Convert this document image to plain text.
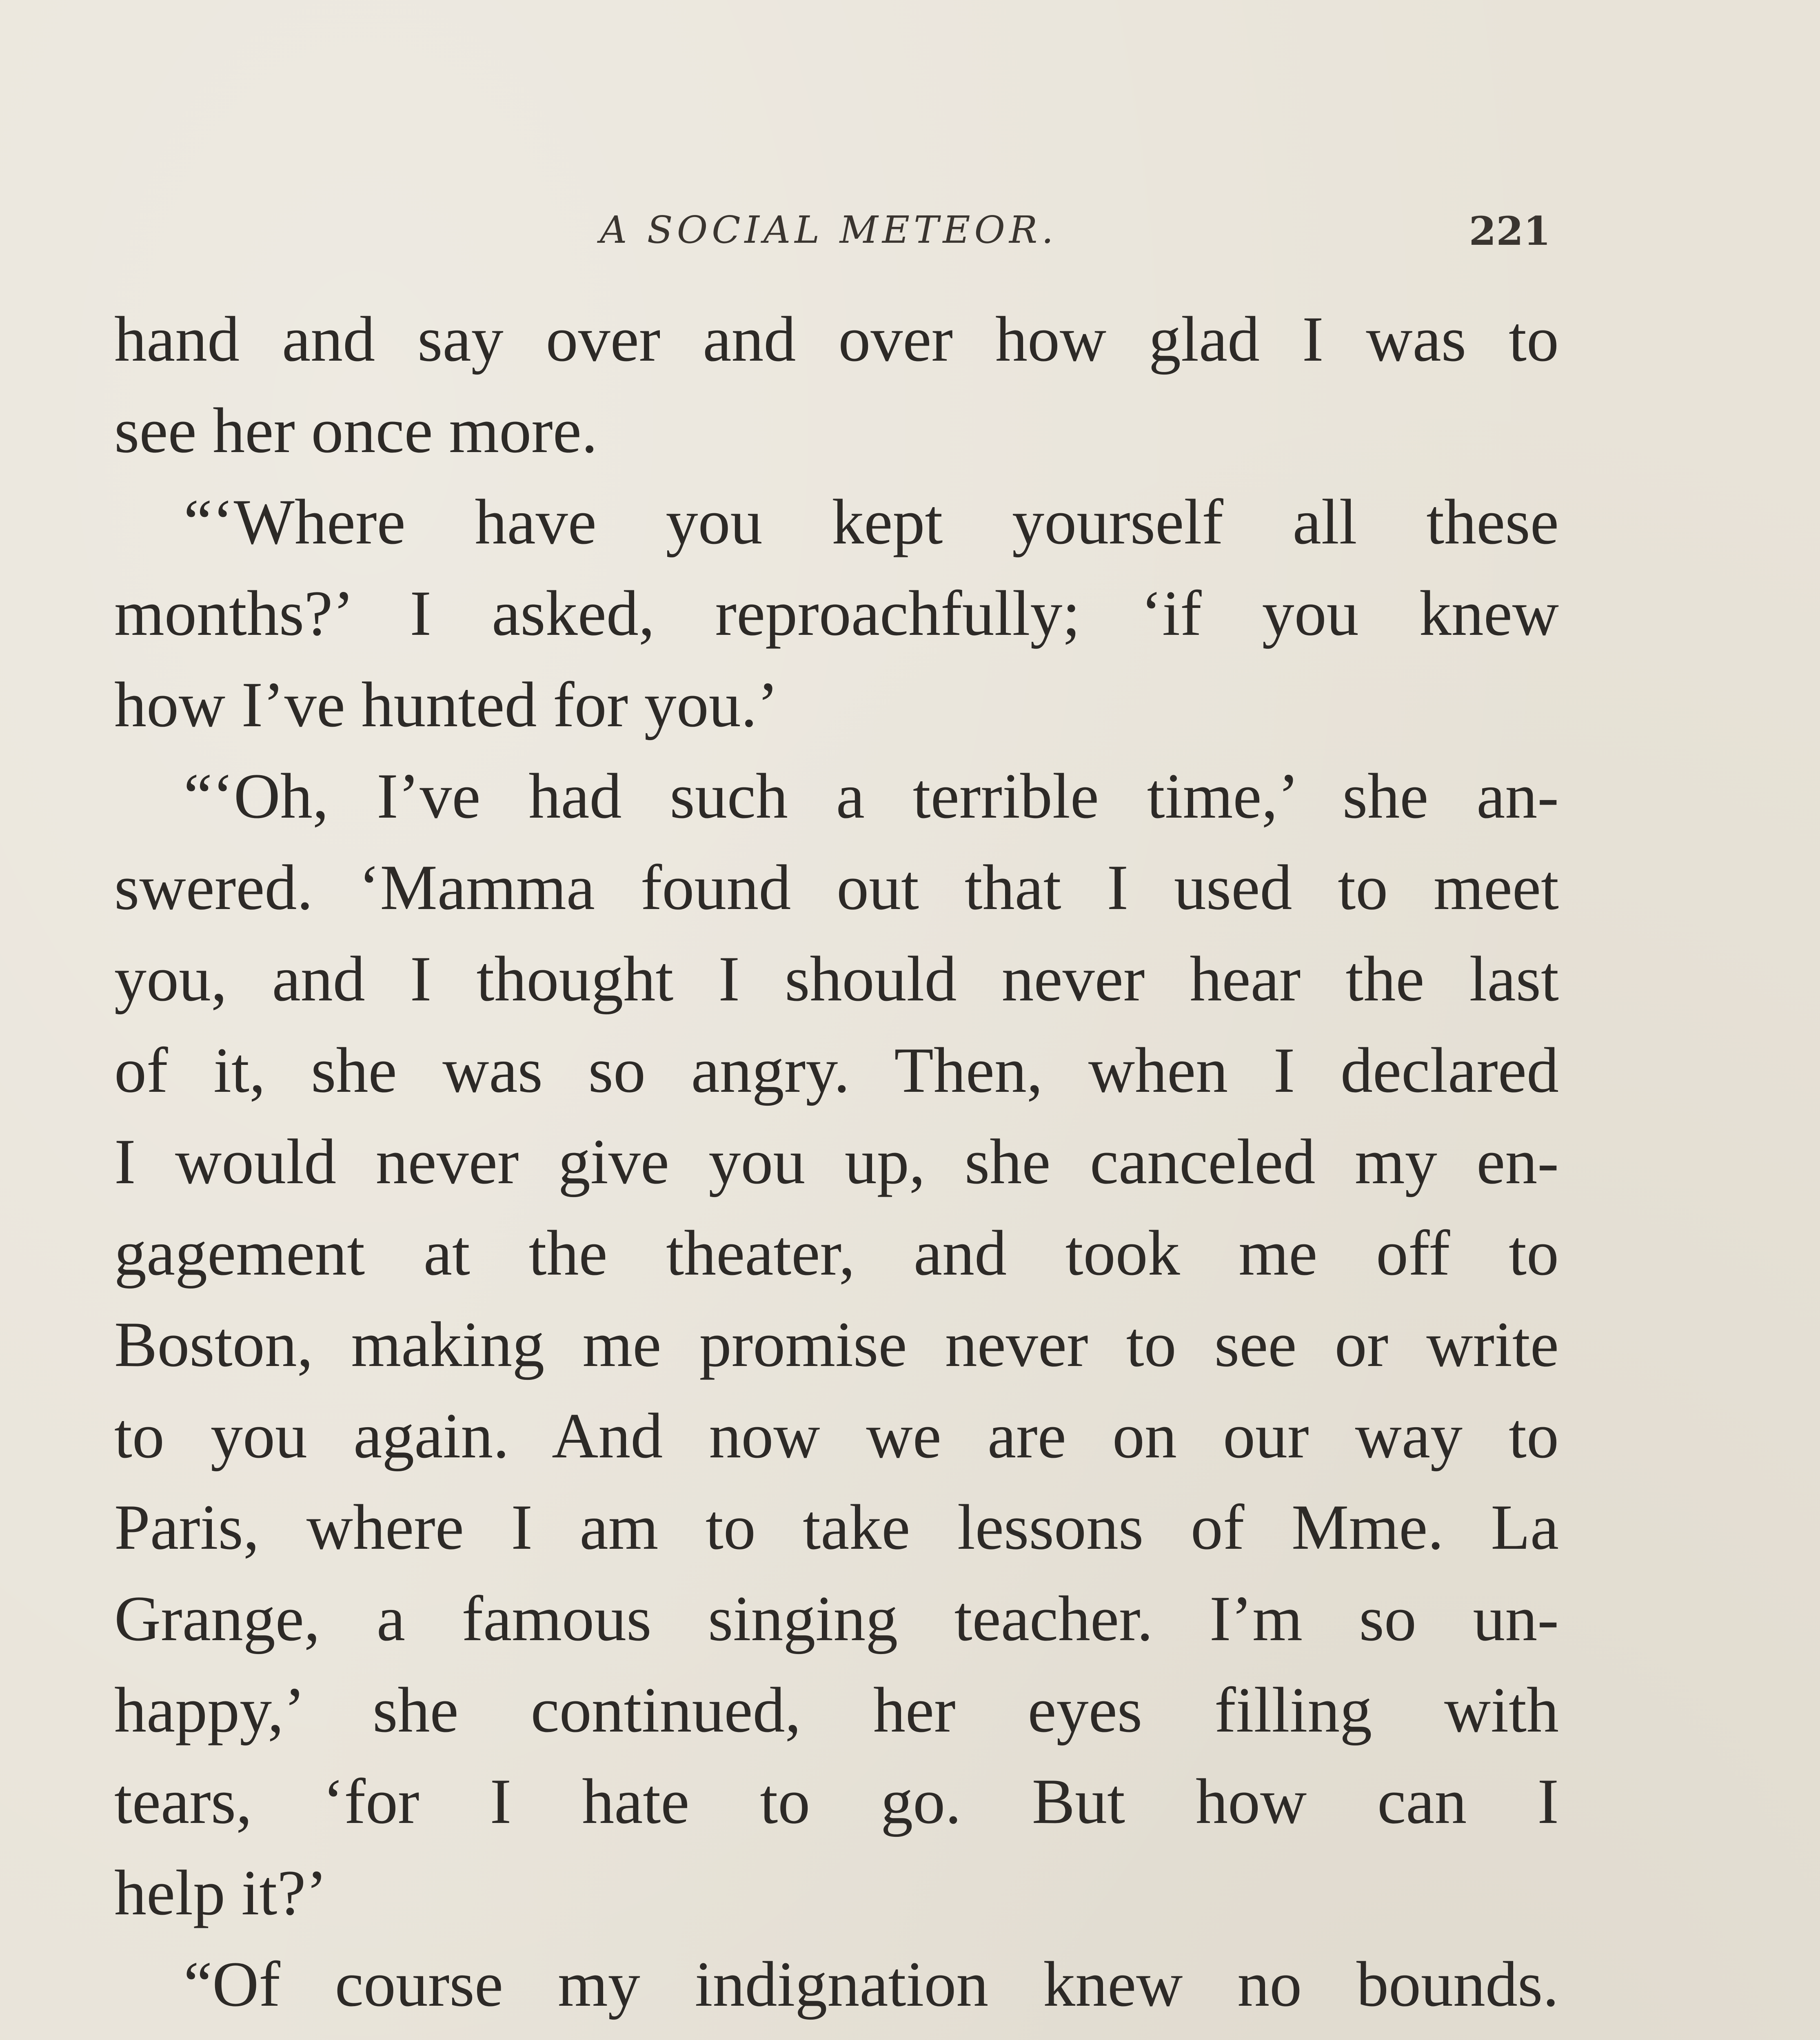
A SOCIAL METEOR.	221
hand and say over and over how glad I was to
see her once more.
“‘Where have you kept yourself all these
months?’ I asked, reproachfully; ‘if you knew
how I’ve hunted for you.’
“‘Oh, I’ve had such a terrible time,’ she an-
swered. ‘Mamma found out that I used to meet
you, and I thought I should never hear the last
of it, she was so angry. Then, when I declared
I would never give you up, she canceled my en-
gagement at the theater, and took me off to
Boston, making me promise never to see or write
to you again. And now we are on our way to
Paris, where I am to take lessons of Mme. La
Grange, a famous singing teacher. I’m so un-
happy,’ she continued, her eyes filling with
tears, ‘for I hate to go. But how can I
help it?’
“Of course my indignation knew no bounds.
